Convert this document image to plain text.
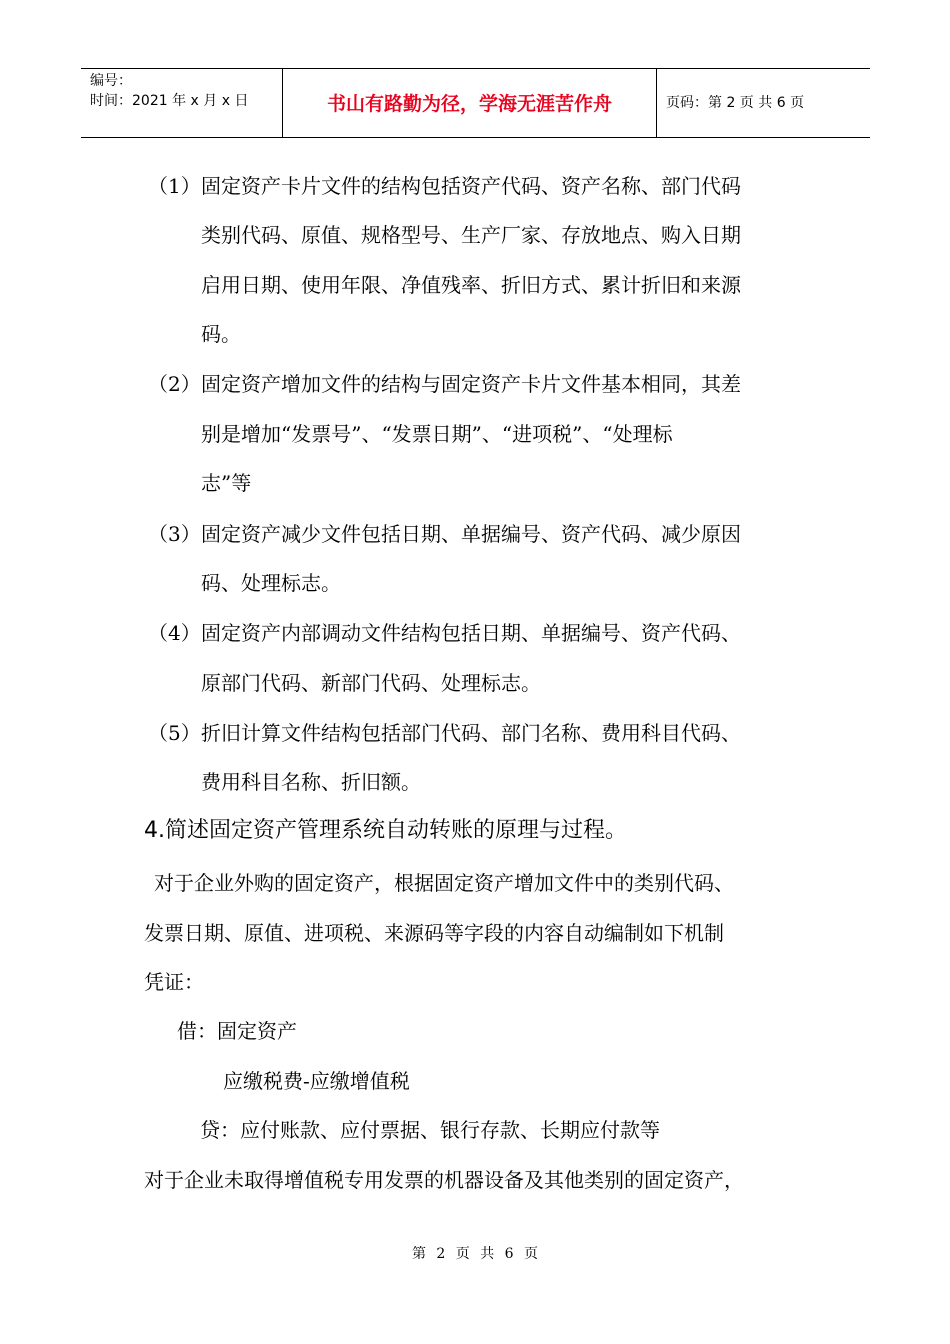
编号：
时间：2021 年 x 月 x 日	书山有路勤为径，学海无涯苦作舟	页码：第 2 页 共 6 页
（1） 固定资产卡片文件的结构包括资产代码、资产名称、部门代码
类别代码、原值、规格型号、生产厂家、存放地点、购入日期
启用日期、使用年限、净值残率、折旧方式、累计折旧和来源
码。
（2） 固定资产增加文件的结构与固定资产卡片文件基本相同，其差
别是增加“发票号”、“发票日期”、“进项税”、“处理标
志”等
（3） 固定资产减少文件包括日期、单据编号、资产代码、减少原因
码、处理标志。
（4） 固定资产内部调动文件结构包括日期、单据编号、资产代码、
原部门代码、新部门代码、处理标志。
（5） 折旧计算文件结构包括部门代码、部门名称、费用科目代码、
费用科目名称、折旧额。
4.简述固定资产管理系统自动转账的原理与过程。
对于企业外购的固定资产，根据固定资产增加文件中的类别代码、
发票日期、原值、进项税、来源码等字段的内容自动编制如下机制
凭证：
借：固定资产
应缴税费-应缴增值税
贷：应付账款、应付票据、银行存款、长期应付款等
对于企业未取得增值税专用发票的机器设备及其他类别的固定资产，
第 2 页 共 6 页
